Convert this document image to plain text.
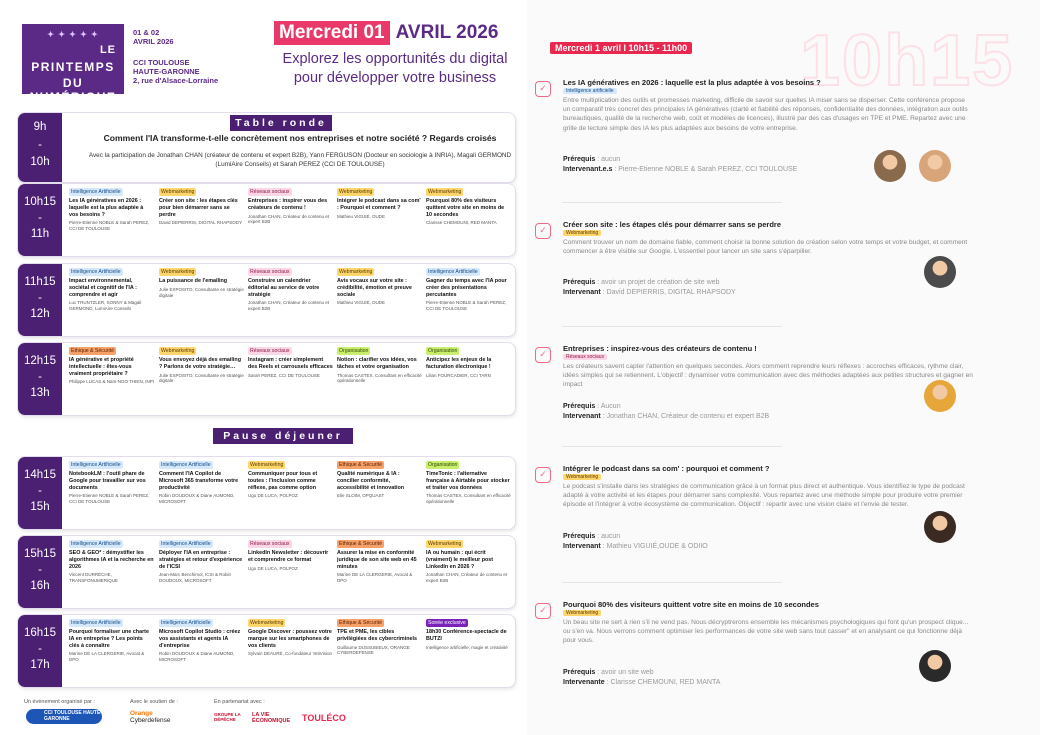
✦ ✦ ✦ ✦ ✦
LE
PRINTEMPS
DU NUMÉRIQUE
01 & 02
AVRIL 2026
CCI TOULOUSE
HAUTE-GARONNE
2, rue d'Alsace-Lorraine
Mercredi 01 AVRIL 2026
Explorez les opportunités du digital
pour développer votre business
9h
-
10h
Table ronde
Comment l'IA transforme-t-elle concrètement nos entreprises et notre société ? Regards croisés
Avec la participation de Jonathan CHAN (créateur de contenu et expert B2B), Yann FERGUSON (Docteur en sociologie à INRIA), Magali GERMOND (LumiAire Conseils) et Sarah PEREZ (CCI DE TOULOUSE)
10h15
-
11h
Intelligence Artificielle
Les IA génératives en 2026 : laquelle est la plus adaptée à vos besoins ?
Pierre-Etienne NOBLE & Sarah PEREZ, CCI DE TOULOUSE
Webmarketing
Créer son site : les étapes clés pour bien démarrer sans se perdre
David DEPIERRIS, DIGITAL RHAPSODY
Réseaux sociaux
Entreprises : inspirer vous des créateurs de contenu !
Jonathan CHAN, Créateur de contenu et expert B2B
Webmarketing
Intégrer le podcast dans sa com' : Pourquoi et comment ?
Mathieu VIGUIÉ, OUDE
Webmarketing
Pourquoi 80% des visiteurs quittent votre site en moins de 10 secondes
Clarisse CHEMOUNI, RED MANTA
11h15
-
12h
Intelligence Artificielle
Impact environnemental, sociétal et cognitif de l'IA : comprendre et agir
Luc TRUNTZLER, SONNY & Magali GERMOND, LumiAire Conseils
Webmarketing
La puissance de l'emailing
Julie EXPOSITO, Consultante en stratégie digitale
Réseaux sociaux
Construire un calendrier éditorial au service de votre stratégie
Jonathan CHAN, Créateur de contenu et expert B2B
Webmarketing
Avis vocaux sur votre site : crédibilité, émotion et preuve sociale
Mathieu VIGUIÉ, OUDE
Intelligence Artificielle
Gagner du temps avec l'IA pour créer des présentations percutantes
Pierre-Etienne NOBLE & Sarah PEREZ, CCI DE TOULOUSE
12h15
-
13h
Ethique & Sécurité
IA générative et propriété intellectuelle : êtes-vous vraiment propriétaire ?
Philippe LUCAS & Nam-NGO THIEN, INPI
Webmarketing
Vous envoyez déjà des emailing ? Parlons de votre stratégie…
Julie EXPOSITO, Consultante en stratégie digitale
Réseaux sociaux
Instagram : créer simplement des Reels et carrousels efficaces
Sarah PEREZ, CCI DE TOULOUSE
Organisation
Notion : clarifier vos idées, vos tâches et votre organisation
Thomas CASTEX, Consultant en efficacité opérationnelle
Organisation
Anticipez les enjeux de la facturation électronique !
Lilian FOURCADIER, CCI TARN
Pause déjeuner
14h15
-
15h
Intelligence Artificielle
NotebookLM : l'outil phare de Google pour travailler sur vos documents
Pierre-Etienne NOBLE & Sarah PEREZ, CCI DE TOULOUSE
Intelligence Artificielle
Comment l'IA Copilot de Microsoft 365 transforme votre productivité
Robin DOUDOUX & Diane AUMOND, MICROSOFT
Webmarketing
Communiquer pour tous et toutes : l'inclusion comme réflexe, pas comme option
Ugo DE LUCA, POLPOZ
Ethique & Sécurité
Qualité numérique & IA : concilier conformité, accessibilité et innovation
Elie SLOIM, OPQUAST
Organisation
TimeTonic : l'alternative française à Airtable pour stocker et traiter vos données
Thomas CASTEX, Consultant en efficacité opérationnelle
15h15
-
16h
Intelligence Artificielle
SEO & GEO* : démystifier les algorithmes IA et la recherche en 2026
Vincent DURRÈCHE, TRANSFONUMERIQUE
Intelligence Artificielle
Déployer l'IA en entreprise : stratégies et retour d'expérience de l'ICSI
Jean-Marc Benchimol, ICSI & Robin DOUDOUX, MICROSOFT
Réseaux sociaux
LinkedIn Newsletter : découvrir et comprendre ce format
Ugo DE LUCA, POLPOZ
Ethique & Sécurité
Assurer la mise en conformité juridique de son site web en 45 minutes
Marine DE LA CLERGERIE, Avocat & DPO
Webmarketing
IA ou humain : qui écrit (vraiment) le meilleur post LinkedIn en 2026 ?
Jonathan CHAN, Créateur de contenu et expert B2B
16h15
-
17h
Intelligence Artificielle
Pourquoi formaliser une charte IA en entreprise ? Les points clés à connaître
Marine DE LA CLERGERIE, Avocat & DPO
Intelligence Artificielle
Microsoft Copilot Studio : créez vos assistants et agents IA d'entreprise
Robin DOUDOUX & Diane AUMOND, MICROSOFT
Webmarketing
Google Discover : poussez votre marque sur les smartphones de vos clients
Sylvain DEAURÉ, Co-fondateur YetiVision
Ethique & Sécurité
TPE et PME, les cibles privilégiées des cybercriminels
Guillaume DUSSUBIEUX, ORANGE CYBERDEFENSE
Soirée exclusive
18h30 Conférence-spectacle de BUTZI
Intelligence artificielle, magie et créativité
Un évènement organisé par :
CCI TOULOUSE HAUTE-GARONNE
Avec le soutien de :
Orange
Cyberdefense
En partenariat avec :
GROUPE LA DÉPÊCHE
LA VIE ÉCONOMIQUE TOULÉCO
10h15
Mercredi 1 avril l 10h15 - 11h00
✓
Les IA génératives en 2026 : laquelle est la plus adaptée à vos besoins ?
Intelligence artificielle
Entre multiplication des outils et promesses marketing, difficile de savoir sur quelles IA miser sans se disperser. Cette conférence propose un comparatif très concret des principales IA génératives (clarté et fiabilité des réponses, confidentialité des données, intégration aux outils bureautiques, qualité de la recherche web, coût et modèles de licences), illustré par des cas d'usages en TPE et PME. Repartez avec une grille de lecture simple des IA les plus adaptées aux besoins de votre entreprise.
Prérequis : aucun
Intervenant.e.s : Pierre-Etienne NOBLE & Sarah PEREZ, CCI TOULOUSE
✓
Créer son site : les étapes clés pour démarrer sans se perdre
Webmarketing
Comment trouver un nom de domaine fiable, comment choisir la bonne solution de création selon votre temps et votre budget, et comment commencer à être visible sur Google. L'essentiel pour lancer un site sans s'éparpiller.
Prérequis : avoir un projet de création de site web
Intervenant : David DEPIERRIS, DIGITAL RHAPSODY
✓
Entreprises : inspirez-vous des créateurs de contenu !
Réseaux sociaux
Les créateurs savent capter l'attention en quelques secondes. Alors comment reprendre leurs réflexes : accroches efficaces, rythme clair, idées simples qui se retiennent. L'objectif : dynamiser votre communication avec des méthodes adaptées aux petites structures et gagner en impact
Prérequis : Aucun
Intervenant : Jonathan CHAN, Créateur de contenu et expert B2B
✓
Intégrer le podcast dans sa com' : pourquoi et comment ?
Webmarketing
Le podcast s'installe dans les stratégies de communication grâce à un format plus direct et authentique. Vous identifiez le type de podcast adapté à votre activité et les étapes pour démarrer sans complexité. Vous repartez avec une méthode simple pour produire votre premier épisode et l'intégrer à votre écosystème de communication. Objectif : repartir avec une vision claire et l'envie de tester.
Prérequis : aucun
Intervenant : Mathieu VIGUIÉ,OUDE & ODIIO
✓
Pourquoi 80% des visiteurs quittent votre site en moins de 10 secondes
Webmarketing
Un beau site ne sert à rien s'il ne vend pas. Nous décryptrerons ensemble les mécanismes psychologiques qui font qu'un prospect clique... ou s'en va. Nous verrons comment optimiser les performances de votre site web sans tout casser" et en analysant ce qui fonctionne déjà pour vous.
Prérequis : avoir un site web
Intervenante : Clarisse CHEMOUNI, RED MANTA
